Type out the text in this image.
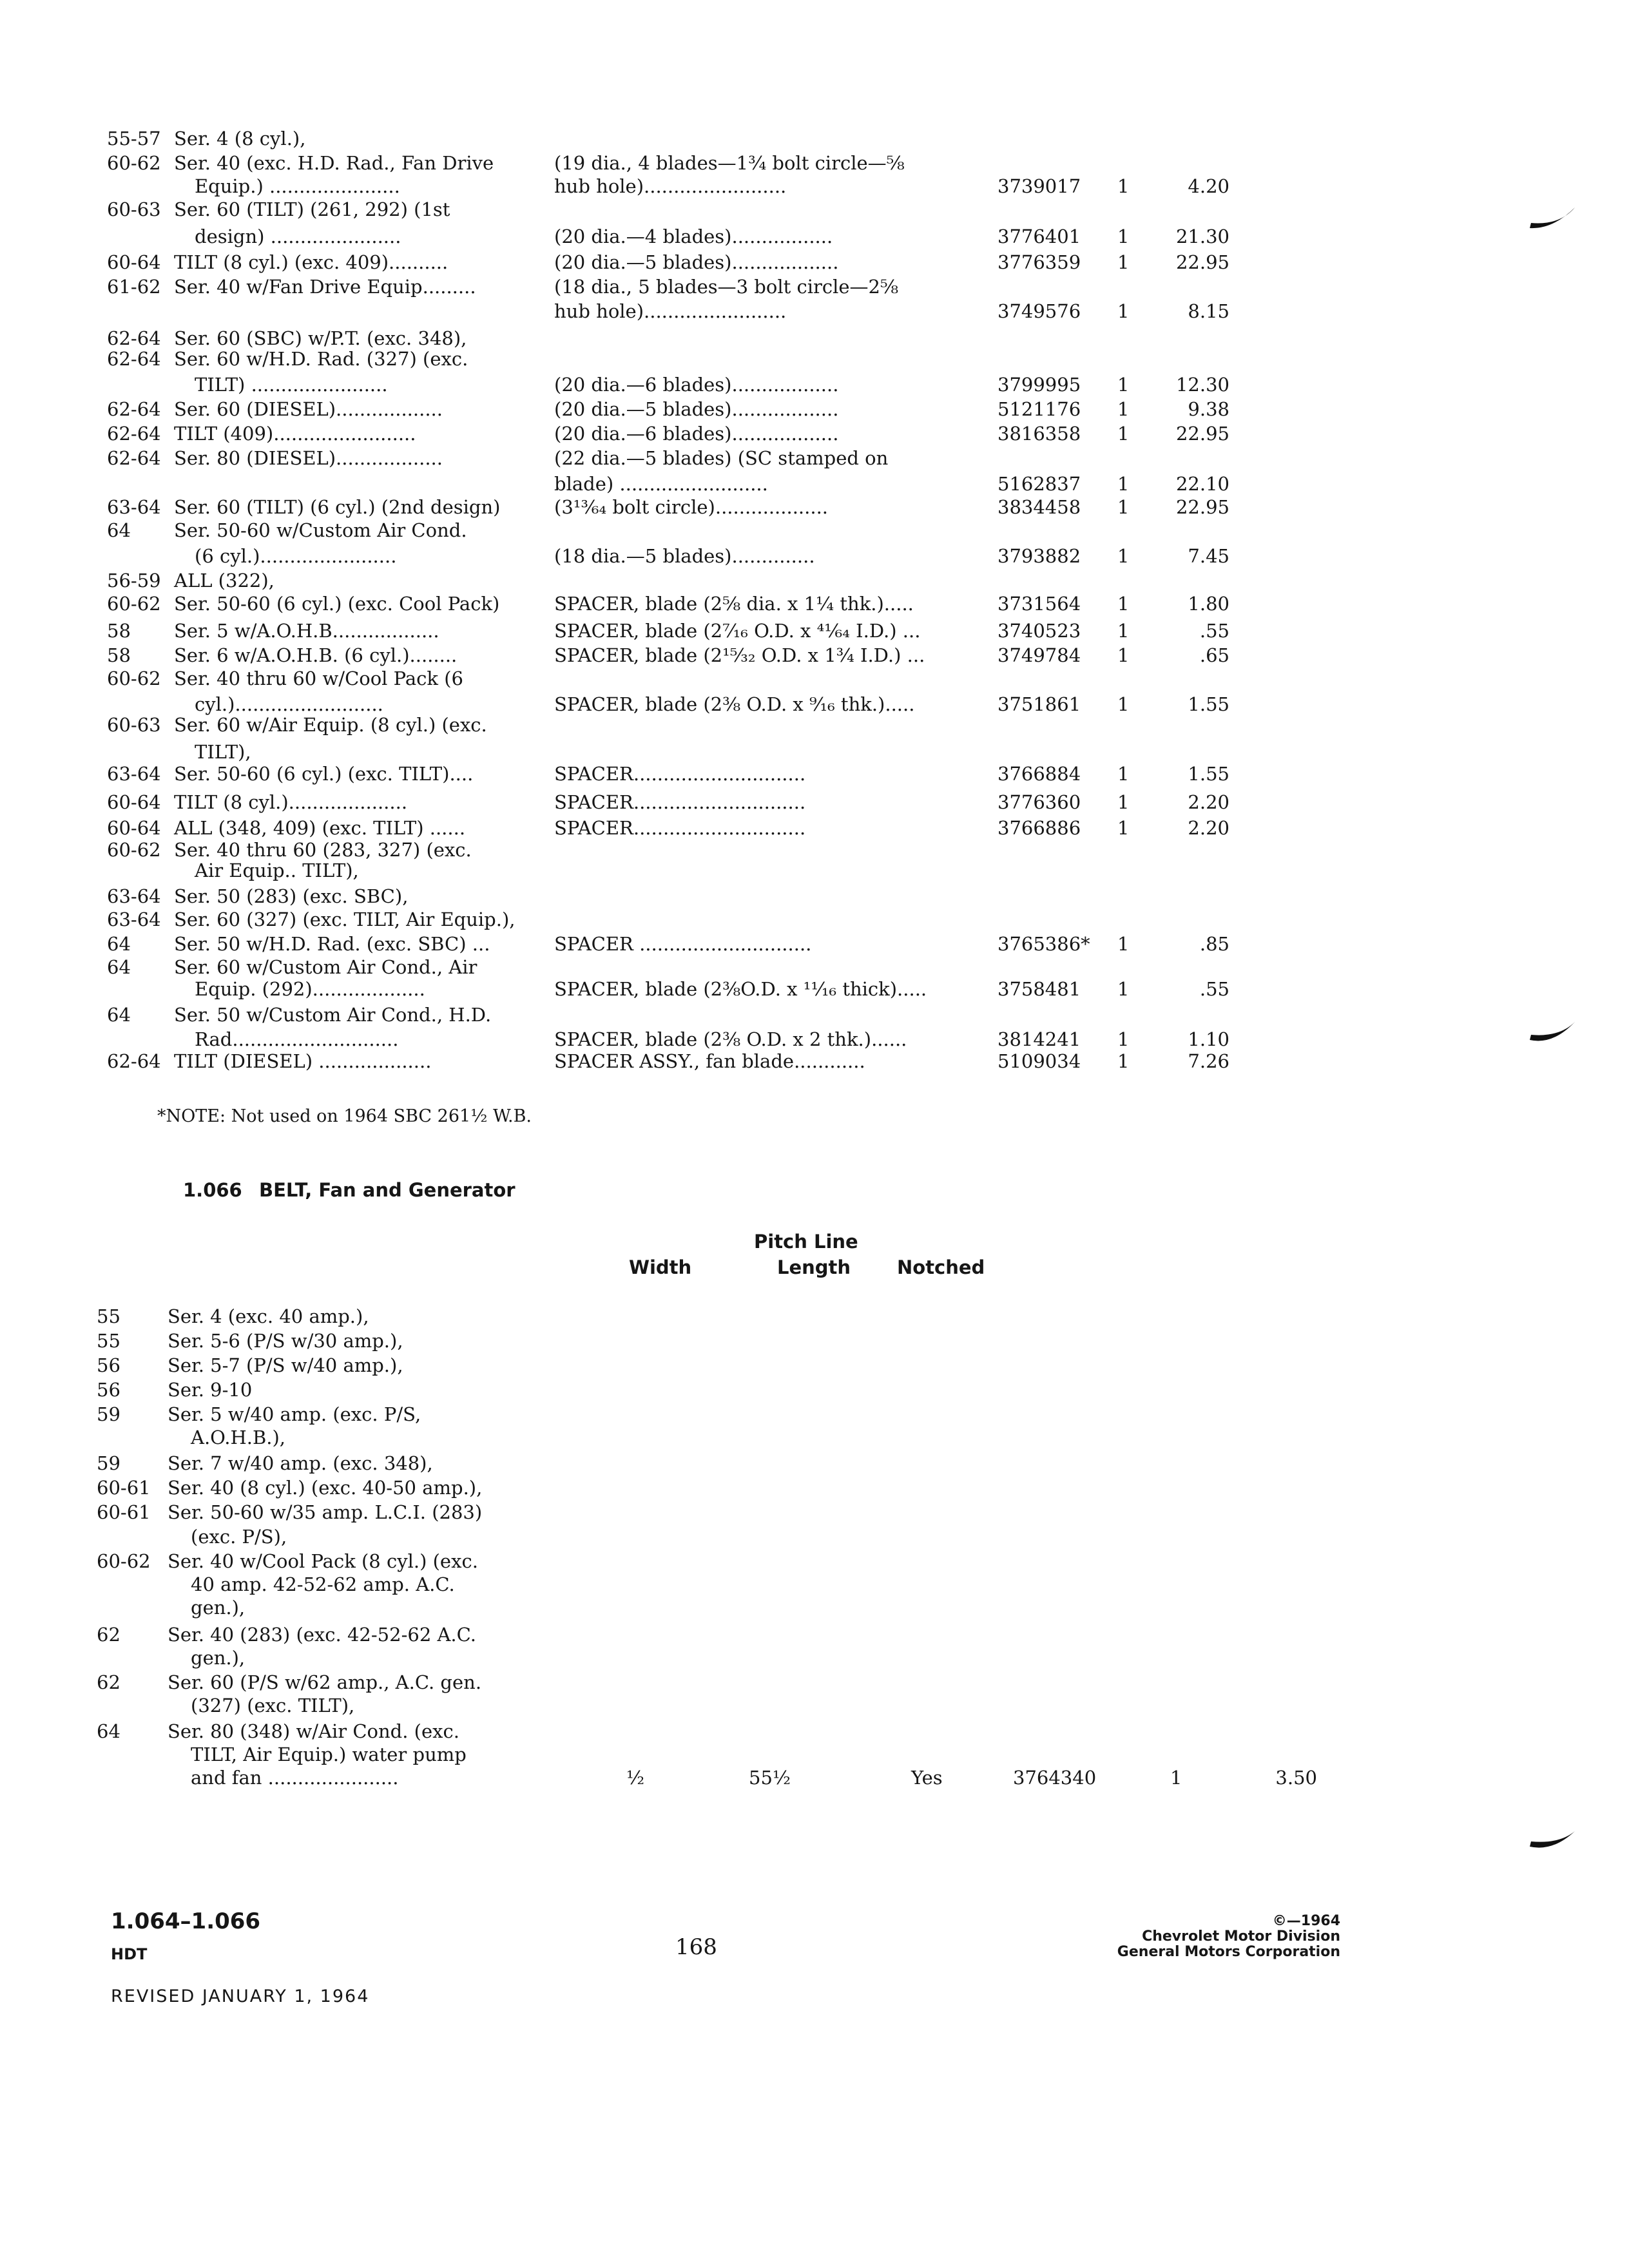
55-57 Ser. 4 (8 cyl.),
60-62 Ser. 40 (exc. H.D. Rad., Fan Drive	(19 dia., 4 blades—1¾ bolt circle—⅝
Equip.) ......................	hub hole)........................	3739017 1	4.20
60-63 Ser. 60 (TILT) (261, 292) (1st
design) ......................	(20 dia.—4 blades).................	3776401 1	21.30
60-64 TILT (8 cyl.) (exc. 409)..........	(20 dia.—5 blades)..................	3776359 1	22.95
61-62 Ser. 40 w/Fan Drive Equip.........	(18 dia., 5 blades—3 bolt circle—2⅝
hub hole)........................	3749576 1	8.15
62-64 Ser. 60 (SBC) w/P.T. (exc. 348),
62-64 Ser. 60 w/H.D. Rad. (327) (exc.
TILT) .......................	(20 dia.—6 blades)..................	3799995 1	12.30
62-64 Ser. 60 (DIESEL)..................	(20 dia.—5 blades)..................	5121176 1	9.38
62-64 TILT (409)........................	(20 dia.—6 blades)..................	3816358 1	22.95
62-64 Ser. 80 (DIESEL)..................	(22 dia.—5 blades) (SC stamped on
blade) .........................	5162837 1	22.10
63-64 Ser. 60 (TILT) (6 cyl.) (2nd design)	(3¹³⁄₆₄ bolt circle)...................	3834458 1	22.95
64 Ser. 50-60 w/Custom Air Cond.
(6 cyl.).......................	(18 dia.—5 blades)..............	3793882 1	7.45
56-59 ALL (322),
60-62 Ser. 50-60 (6 cyl.) (exc. Cool Pack)	SPACER, blade (2⅝ dia. x 1¼ thk.).....	3731564 1	1.80
58 Ser. 5 w/A.O.H.B..................	SPACER, blade (2⁷⁄₁₆ O.D. x ⁴¹⁄₆₄ I.D.) ...	3740523 1	.55
58 Ser. 6 w/A.O.H.B. (6 cyl.)........	SPACER, blade (2¹⁵⁄₃₂ O.D. x 1¾ I.D.) ...	3749784 1	.65
60-62 Ser. 40 thru 60 w/Cool Pack (6
cyl.).........................	SPACER, blade (2⅜ O.D. x ⁹⁄₁₆ thk.).....	3751861 1	1.55
60-63 Ser. 60 w/Air Equip. (8 cyl.) (exc.
TILT),
63-64 Ser. 50-60 (6 cyl.) (exc. TILT)....	SPACER.............................	3766884 1	1.55
60-64 TILT (8 cyl.)....................	SPACER.............................	3776360 1	2.20
60-64 ALL (348, 409) (exc. TILT) ......	SPACER.............................	3766886 1	2.20
60-62 Ser. 40 thru 60 (283, 327) (exc.
Air Equip.. TILT),
63-64 Ser. 50 (283) (exc. SBC),
63-64 Ser. 60 (327) (exc. TILT, Air Equip.),
64 Ser. 50 w/H.D. Rad. (exc. SBC) ...	SPACER .............................	3765386* 1	.85
64 Ser. 60 w/Custom Air Cond., Air
Equip. (292)...................	SPACER, blade (2⅜O.D. x ¹¹⁄₁₆ thick).....	3758481 1	.55
64 Ser. 50 w/Custom Air Cond., H.D.
Rad............................	SPACER, blade (2⅜ O.D. x 2 thk.)......	3814241 1	1.10
62-64 TILT (DIESEL) ...................	SPACER ASSY., fan blade............	5109034 1	7.26
*NOTE: Not used on 1964 SBC 261½ W.B.
1.066 BELT, Fan and Generator
Pitch Line
Width	Length Notched
55	Ser. 4 (exc. 40 amp.),
55	Ser. 5-6 (P/S w/30 amp.),
56	Ser. 5-7 (P/S w/40 amp.),
56	Ser. 9-10
59	Ser. 5 w/40 amp. (exc. P/S,
A.O.H.B.),
59	Ser. 7 w/40 amp. (exc. 348),
60-61 Ser. 40 (8 cyl.) (exc. 40-50 amp.),
60-61 Ser. 50-60 w/35 amp. L.C.I. (283)
(exc. P/S),
60-62 Ser. 40 w/Cool Pack (8 cyl.) (exc.
40 amp. 42-52-62 amp. A.C.
gen.),
62	Ser. 40 (283) (exc. 42-52-62 A.C.
gen.),
62	Ser. 60 (P/S w/62 amp., A.C. gen.
(327) (exc. TILT),
64	Ser. 80 (348) w/Air Cond. (exc.
TILT, Air Equip.) water pump
and fan ......................	½	55½	Yes	3764340	1	3.50
1.064–1.066
HDT	168
REVISED JANUARY 1, 1964
©—1964
Chevrolet Motor Division
General Motors Corporation
